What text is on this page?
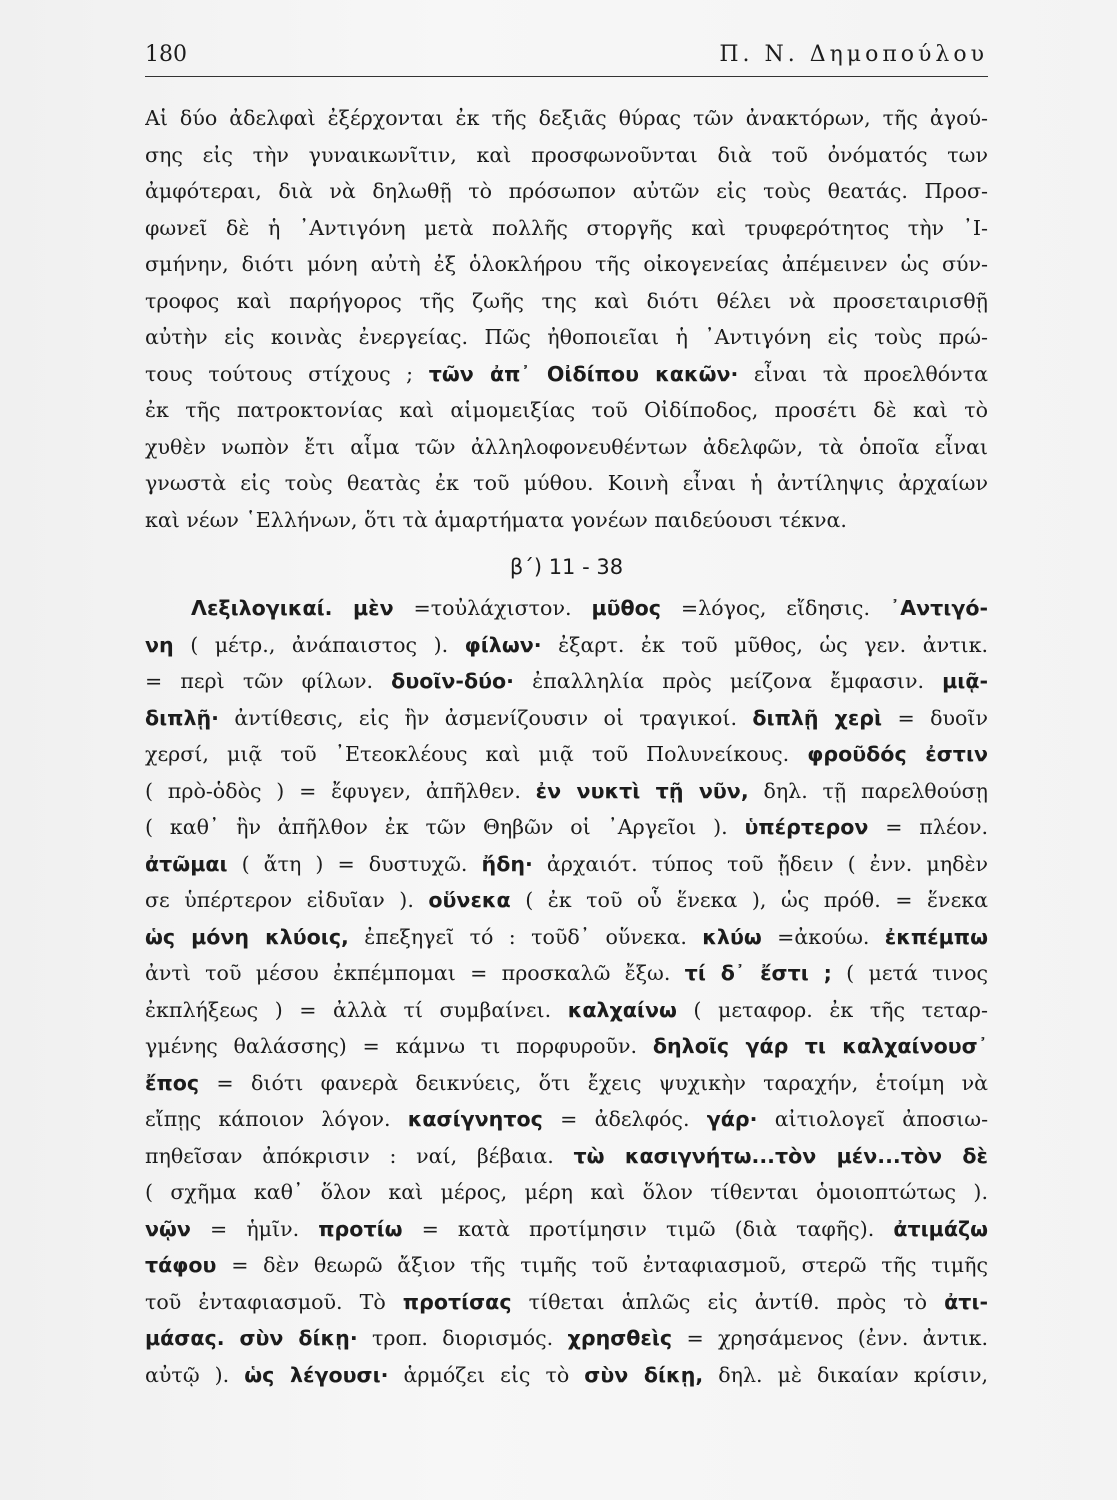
180	Π. Ν. Δημοπούλου
Αἱ δύο ἀδελφαὶ ἐξέρχονται ἐκ τῆς δεξιᾶς θύρας τῶν ἀνακτόρων, τῆς ἀγού-
σης εἰς τὴν γυναικωνῖτιν, καὶ προσφωνοῦνται διὰ τοῦ ὀνόματός των
ἀμφότεραι, διὰ νὰ δηλωθῇ τὸ πρόσωπον αὐτῶν εἰς τοὺς θεατάς. Προσ-
φωνεῖ δὲ ἡ ᾿Αντιγόνη μετὰ πολλῆς στοργῆς καὶ τρυφερότητος τὴν ᾿Ι-
σμήνην, διότι μόνη αὐτὴ ἐξ ὁλοκλήρου τῆς οἰκογενείας ἀπέμεινεν ὡς σύν-
τροφος καὶ παρήγορος τῆς ζωῆς της καὶ διότι θέλει νὰ προσεταιρισθῇ
αὐτὴν εἰς κοινὰς ἐνεργείας. Πῶς ἠθοποιεῖαι ἡ ᾿Αντιγόνη εἰς τοὺς πρώ-
τους τούτους στίχους ; τῶν ἀπ᾿ Οἰδίπου κακῶν· εἶναι τὰ προελθόντα
ἐκ τῆς πατροκτονίας καὶ αἱμομειξίας τοῦ Οἰδίποδος, προσέτι δὲ καὶ τὸ
χυθὲν νωπὸν ἔτι αἷμα τῶν ἀλληλοφονευθέντων ἀδελφῶν, τὰ ὁποῖα εἶναι
γνωστὰ εἰς τοὺς θεατὰς ἐκ τοῦ μύθου. Κοινὴ εἶναι ἡ ἀντίληψις ἀρχαίων
καὶ νέων ῾Ελλήνων, ὅτι τὰ ἁμαρτήματα γονέων παιδεύουσι τέκνα.
β΄) 11 - 38
Λεξιλογικαί. μὲν =τοὐλάχιστον. μῦθος =λόγος, εἴδησις. ᾿Αντιγό-
νη ( μέτρ., ἀνάπαιστος ). φίλων· ἐξαρτ. ἐκ τοῦ μῦθος, ὡς γεν. ἀντικ.
= περὶ τῶν φίλων. δυοῖν-δύο· ἐπαλληλία πρὸς μείζονα ἔμφασιν. μιᾷ-
διπλῇ· ἀντίθεσις, εἰς ἣν ἀσμενίζουσιν οἱ τραγικοί. διπλῇ χερὶ = δυοῖν
χερσί, μιᾷ τοῦ ᾿Ετεοκλέους καὶ μιᾷ τοῦ Πολυνείκους. φροῦδός ἐστιν
( πρὸ-ὁδὸς ) = ἔφυγεν, ἀπῆλθεν. ἐν νυκτὶ τῇ νῦν, δηλ. τῇ παρελθούσῃ
( καθ᾿ ἣν ἀπῆλθον ἐκ τῶν Θηβῶν οἱ ᾿Αργεῖοι ). ὑπέρτερον = πλέον.
ἀτῶμαι ( ἄτη ) = δυστυχῶ. ἤδη· ἀρχαιότ. τύπος τοῦ ᾔδειν ( ἐνν. μηδὲν
σε ὑπέρτερον εἰδυῖαν ). οὕνεκα ( ἐκ τοῦ οὗ ἕνεκα ), ὡς πρόθ. = ἕνεκα
ὡς μόνη κλύοις, ἐπεξηγεῖ τό : τοῦδ᾿ οὕνεκα. κλύω =ἀκούω. ἐκπέμπω
ἀντὶ τοῦ μέσου ἐκπέμπομαι = προσκαλῶ ἔξω. τί δ᾿ ἔστι ; ( μετά τινος
ἐκπλήξεως ) = ἀλλὰ τί συμβαίνει. καλχαίνω ( μεταφορ. ἐκ τῆς τεταρ-
γμένης θαλάσσης) = κάμνω τι πορφυροῦν. δηλοῖς γάρ τι καλχαίνουσ᾿
ἔπος = διότι φανερὰ δεικνύεις, ὅτι ἔχεις ψυχικὴν ταραχήν, ἑτοίμη νὰ
εἴπῃς κάποιον λόγον. κασίγνητος = ἀδελφός. γάρ· αἰτιολογεῖ ἀποσιω-
πηθεῖσαν ἀπόκρισιν : ναί, βέβαια. τὼ κασιγνήτω...τὸν μέν...τὸν δὲ
( σχῆμα καθ᾿ ὅλον καὶ μέρος, μέρη καὶ ὅλον τίθενται ὁμοιοπτώτως ).
νῷν = ἡμῖν. προτίω = κατὰ προτίμησιν τιμῶ (διὰ ταφῆς). ἀτιμάζω
τάφου = δὲν θεωρῶ ἄξιον τῆς τιμῆς τοῦ ἐνταφιασμοῦ, στερῶ τῆς τιμῆς
τοῦ ἐνταφιασμοῦ. Τὸ προτίσας τίθεται ἁπλῶς εἰς ἀντίθ. πρὸς τὸ ἀτι-
μάσας. σὺν δίκῃ· τροπ. διορισμός. χρησθεὶς = χρησάμενος (ἐνν. ἀντικ.
αὐτῷ ). ὡς λέγουσι· ἁρμόζει εἰς τὸ σὺν δίκῃ, δηλ. μὲ δικαίαν κρίσιν,
